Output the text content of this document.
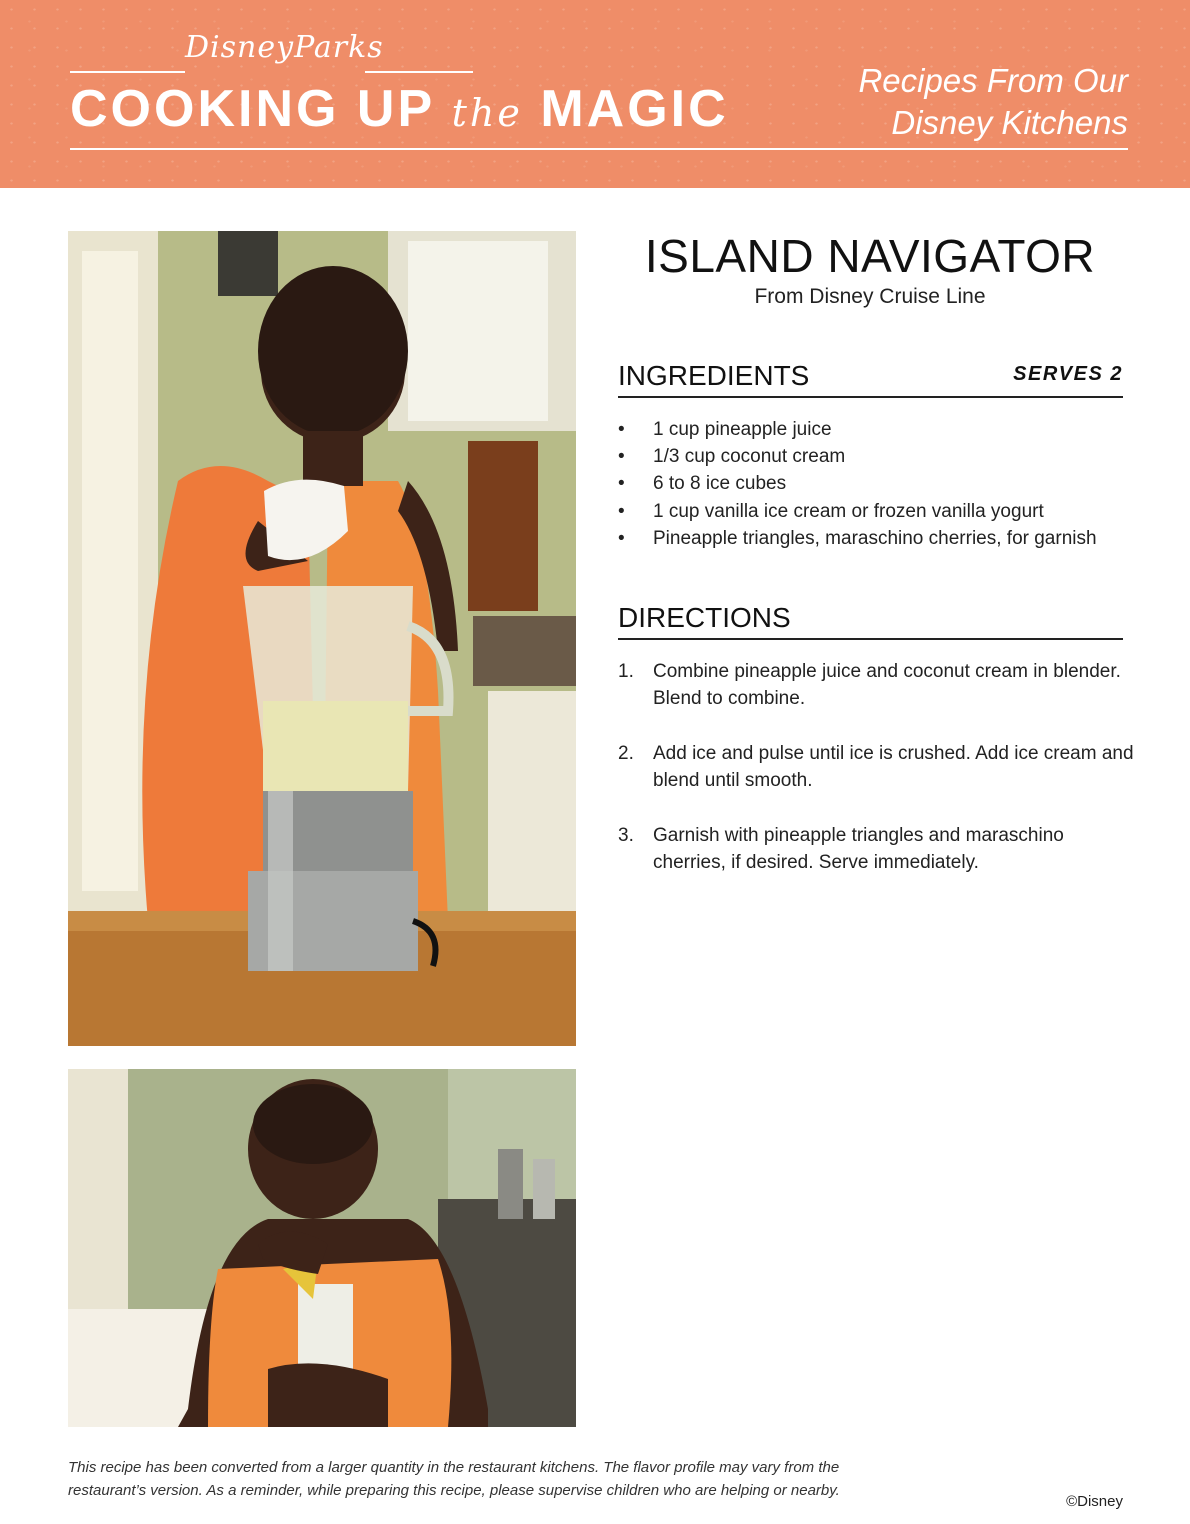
DisneyParks
COOKING UP the MAGIC	Recipes From Our
Disney Kitchens
ISLAND NAVIGATOR
From Disney Cruise Line
INGREDIENTS	SERVES 2
• 1 cup pineapple juice
• 1/3 cup coconut cream
• 6 to 8 ice cubes
• 1 cup vanilla ice cream or frozen vanilla yogurt
• Pineapple triangles, maraschino cherries, for garnish
DIRECTIONS
1. Combine pineapple juice and coconut cream in blender. Blend to combine.
2. Add ice and pulse until ice is crushed. Add ice cream and blend until smooth.
3. Garnish with pineapple triangles and maraschino cherries, if desired. Serve immediately.
This recipe has been converted from a larger quantity in the restaurant kitchens. The flavor profile may vary from the
restaurant’s version. As a reminder, while preparing this recipe, please supervise children who are helping or nearby.
©Disney
